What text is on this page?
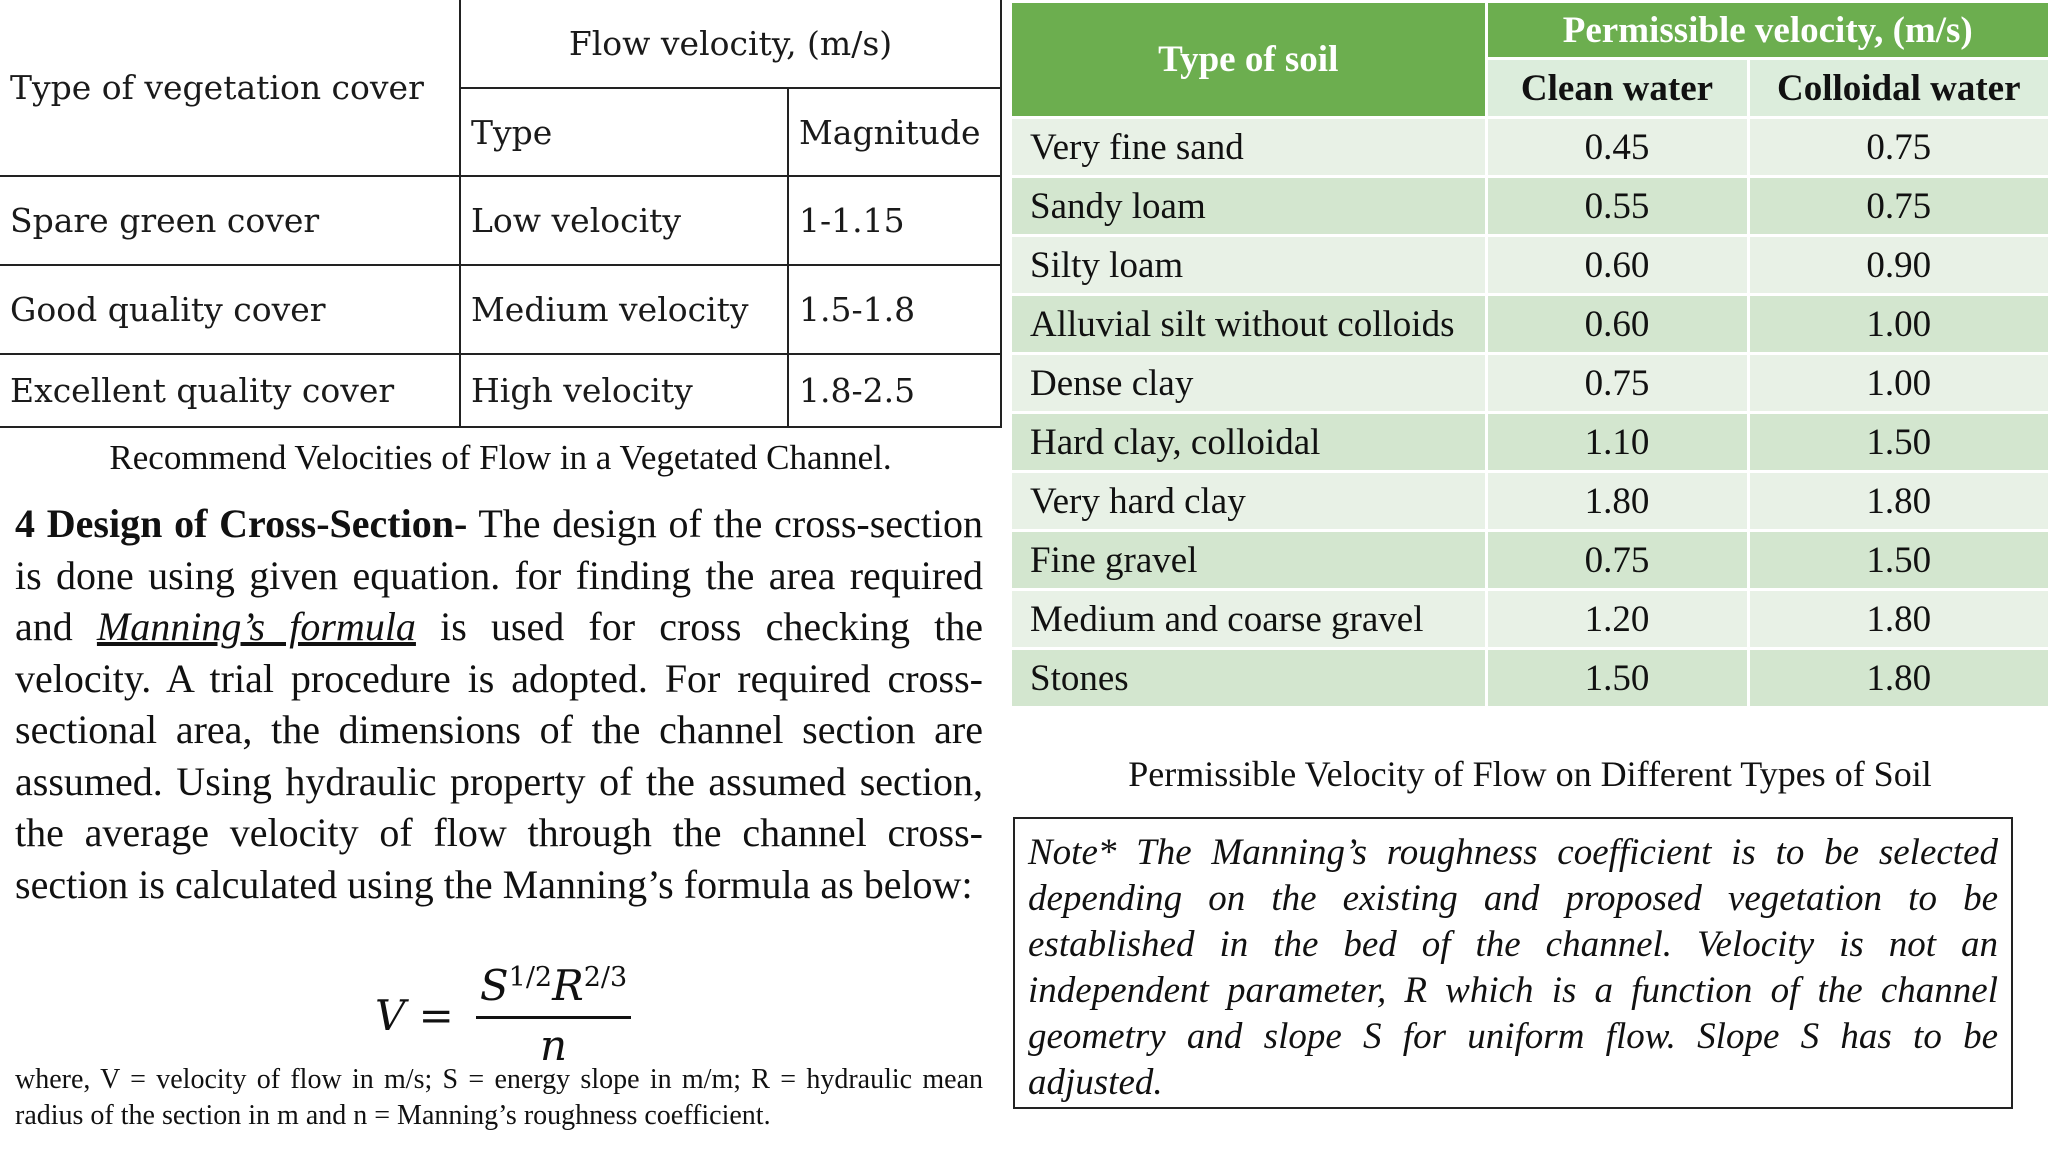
Type of vegetation cover	Flow velocity, (m/s)	
	Type	Magnitude
Spare green cover	Low velocity	1-1.15
Good quality cover	Medium velocity	1.5-1.8
Excellent quality cover	High velocity	1.8-2.5
Recommend Velocities of Flow in a Vegetated Channel.
4 Design of Cross-Section- The design of the cross-section is done using given equation. for finding the area required and Manning’s formula is used for cross checking the velocity. A trial procedure is adopted. For required cross-sectional area, the dimensions of the channel section are assumed. Using hydraulic property of the assumed section, the average velocity of flow through the channel cross-section is calculated using the Manning’s formula as below:
$V = \frac{S^{1/2}R^{2/3}}{n}$
where, V = velocity of flow in m/s; S = energy slope in m/m; R = hydraulic mean radius of the section in m and n = Manning’s roughness coefficient.
Type of soil	Permissible velocity, (m/s)	
	Clean water	Colloidal water
Very fine sand	0.45	0.75
Sandy loam	0.55	0.75
Silty loam	0.60	0.90
Alluvial silt without colloids	0.60	1.00
Dense clay	0.75	1.00
Hard clay, colloidal	1.10	1.50
Very hard clay	1.80	1.80
Fine gravel	0.75	1.50
Medium and coarse gravel	1.20	1.80
Stones	1.50	1.80
Permissible Velocity of Flow on Different Types of Soil
Note* The Manning’s roughness coefficient is to be selected depending on the existing and proposed vegetation to be established in the bed of the channel. Velocity is not an independent parameter, R which is a function of the channel geometry and slope S for uniform flow. Slope S has to be adjusted.
